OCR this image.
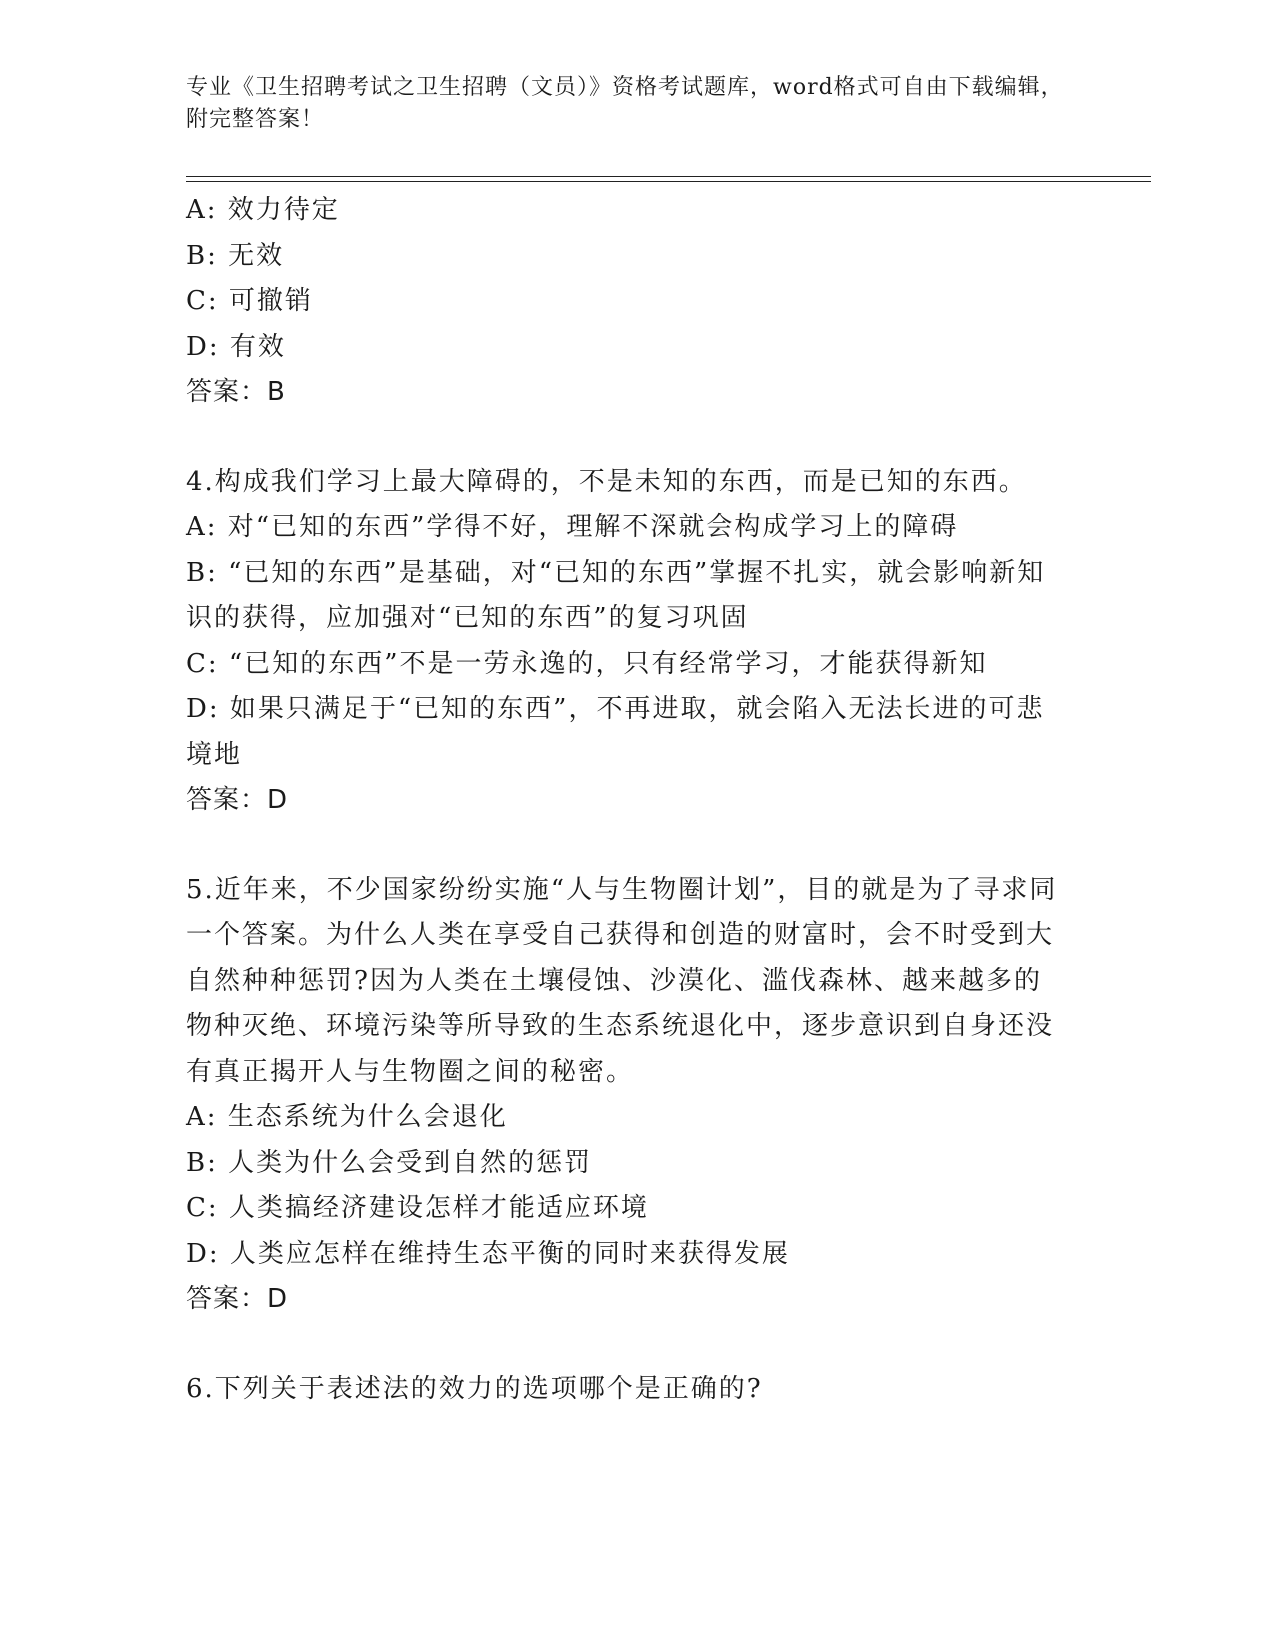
专业《卫生招聘考试之卫生招聘（文员）》资格考试题库，word格式可自由下载编辑，附完整答案！

A: 效力待定

B: 无效

C: 可撤销

D: 有效

答案：B

4.构成我们学习上最大障碍的，不是未知的东西，而是已知的东西。

A: 对“已知的东西”学得不好，理解不深就会构成学习上的障碍

B: “已知的东西”是基础，对“已知的东西”掌握不扎实，就会影响新知识的获得，应加强对“已知的东西”的复习巩固

C: “已知的东西”不是一劳永逸的，只有经常学习，才能获得新知

D: 如果只满足于“已知的东西”，不再进取，就会陷入无法长进的可悲境地

答案：D

5.近年来，不少国家纷纷实施“人与生物圈计划”，目的就是为了寻求同一个答案。为什么人类在享受自己获得和创造的财富时，会不时受到大自然种种惩罚?因为人类在土壤侵蚀、沙漠化、滥伐森林、越来越多的物种灭绝、环境污染等所导致的生态系统退化中，逐步意识到自身还没有真正揭开人与生物圈之间的秘密。

A: 生态系统为什么会退化

B: 人类为什么会受到自然的惩罚

C: 人类搞经济建设怎样才能适应环境

D: 人类应怎样在维持生态平衡的同时来获得发展

答案：D

6.下列关于表述法的效力的选项哪个是正确的?
